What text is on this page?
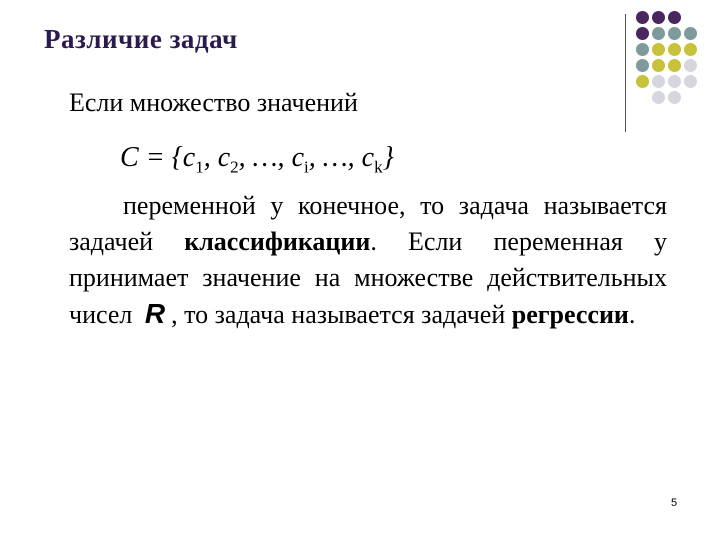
Различие задач
Если множество значений
$C = \{c_1$, $c_2$, …, $c_i$, …, $c_k$}
переменной y конечное, то задача называется задачей классификации. Если переменная y принимает значение на множестве действительных чисел R , то задача называется задачей регрессии.
5
